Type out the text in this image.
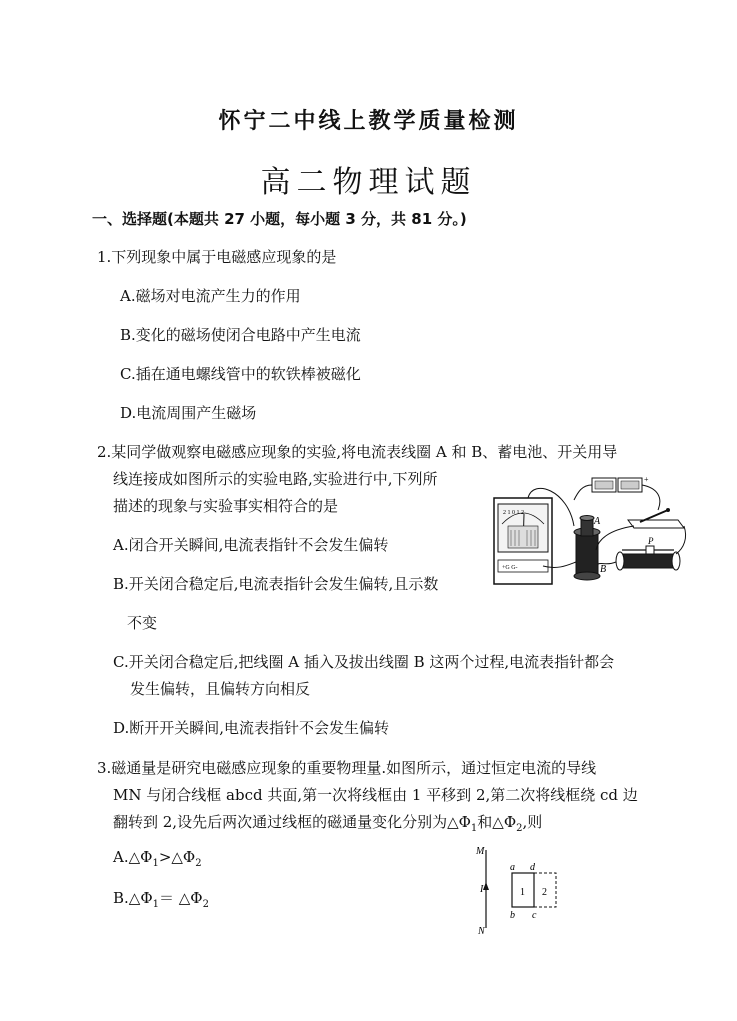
怀宁二中线上教学质量检测
高二物理试题
一、选择题(本题共 27 小题，每小题 3 分，共 81 分。)
1.下列现象中属于电磁感应现象的是
A.磁场对电流产生力的作用
B.变化的磁场使闭合电路中产生电流
C.插在通电螺线管中的软铁棒被磁化
D.电流周围产生磁场
2.某同学做观察电磁感应现象的实验,将电流表线圈 A 和 B、蓄电池、开关用导
线连接成如图所示的实验电路,实验进行中,下列所
描述的现象与实验事实相符合的是
A.闭合开关瞬间,电流表指针不会发生偏转
B.开关闭合稳定后,电流表指针会发生偏转,且示数
不变
C.开关闭合稳定后,把线圈 A 插入及拔出线圈 B 这两个过程,电流表指针都会
发生偏转，且偏转方向相反
D.断开开关瞬间,电流表指针不会发生偏转
2 1 0 1 2
+G G-
A
B
+
P
3.磁通量是研究电磁感应现象的重要物理量.如图所示，通过恒定电流的导线
MN 与闭合线框 abcd 共面,第一次将线框由 1 平移到 2,第二次将线框绕 cd 边
翻转到 2,设先后两次通过线框的磁通量变化分别为$\triangle\Phi_1$和$\triangle\Phi_2$,则
$A.\triangle\Phi_1>\triangle\Phi_2$
$B.\triangle\Phi_1=$ $\triangle\Phi_2$
M
N
I	1 2
a d
b c
